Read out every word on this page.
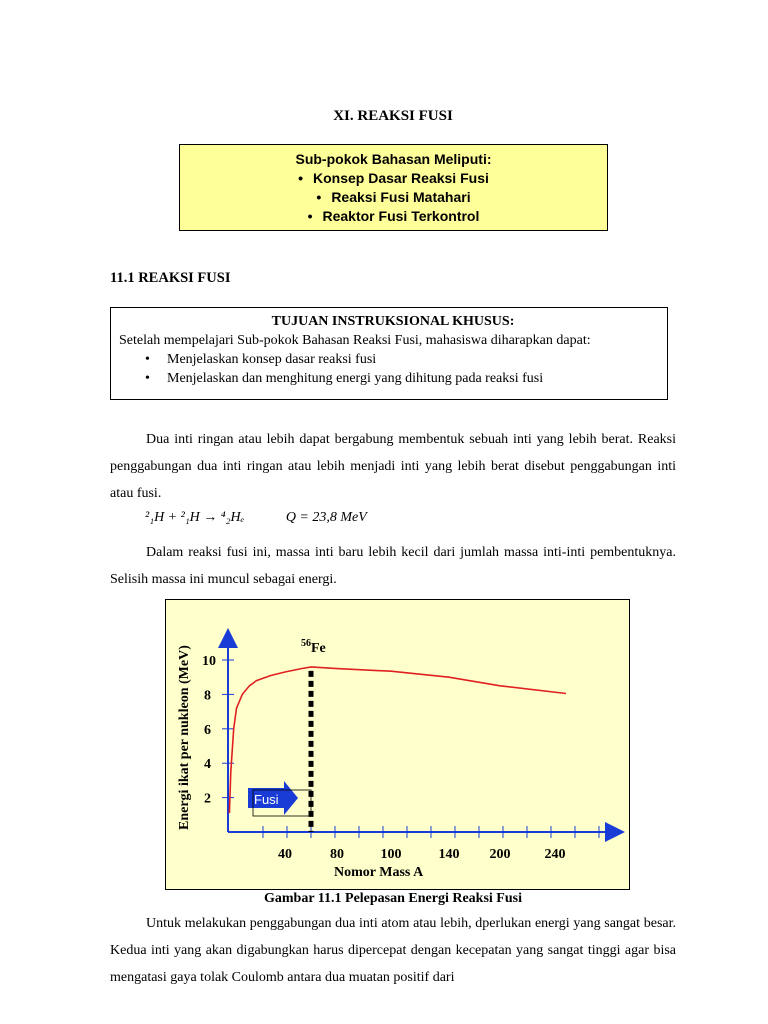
XI. REAKSI FUSI
Sub-pokok Bahasan Meliputi:
• Konsep Dasar Reaksi Fusi
• Reaksi Fusi Matahari
• Reaktor Fusi Terkontrol
11.1 REAKSI FUSI
TUJUAN INSTRUKSIONAL KHUSUS:
Setelah mempelajari Sub-pokok Bahasan Reaksi Fusi, mahasiswa diharapkan dapat:
• Menjelaskan konsep dasar reaksi fusi
• Menjelaskan dan menghitung energi yang dihitung pada reaksi fusi
Dua inti ringan atau lebih dapat bergabung membentuk sebuah inti yang lebih berat. Reaksi penggabungan dua inti ringan atau lebih menjadi inti yang lebih berat disebut penggabungan inti atau fusi.
²₁H + ²₁H → ⁴₂Hₑ	Q = 23,8 MeV
Dalam reaksi fusi ini, massa inti baru lebih kecil dari jumlah massa inti-inti pembentuknya. Selisih massa ini muncul sebagai energi.
Energi ikat per nukleon (MeV) 2
4
6
8
10
40	80	100	140 200 240
$^{56}$Fe
Fusi
Nomor Mass A
Gambar 11.1 Pelepasan Energi Reaksi Fusi
Untuk melakukan penggabungan dua inti atom atau lebih, dperlukan energi yang sangat besar. Kedua inti yang akan digabungkan harus dipercepat dengan kecepatan yang sangat tinggi agar bisa mengatasi gaya tolak Coulomb antara dua muatan positif dari
